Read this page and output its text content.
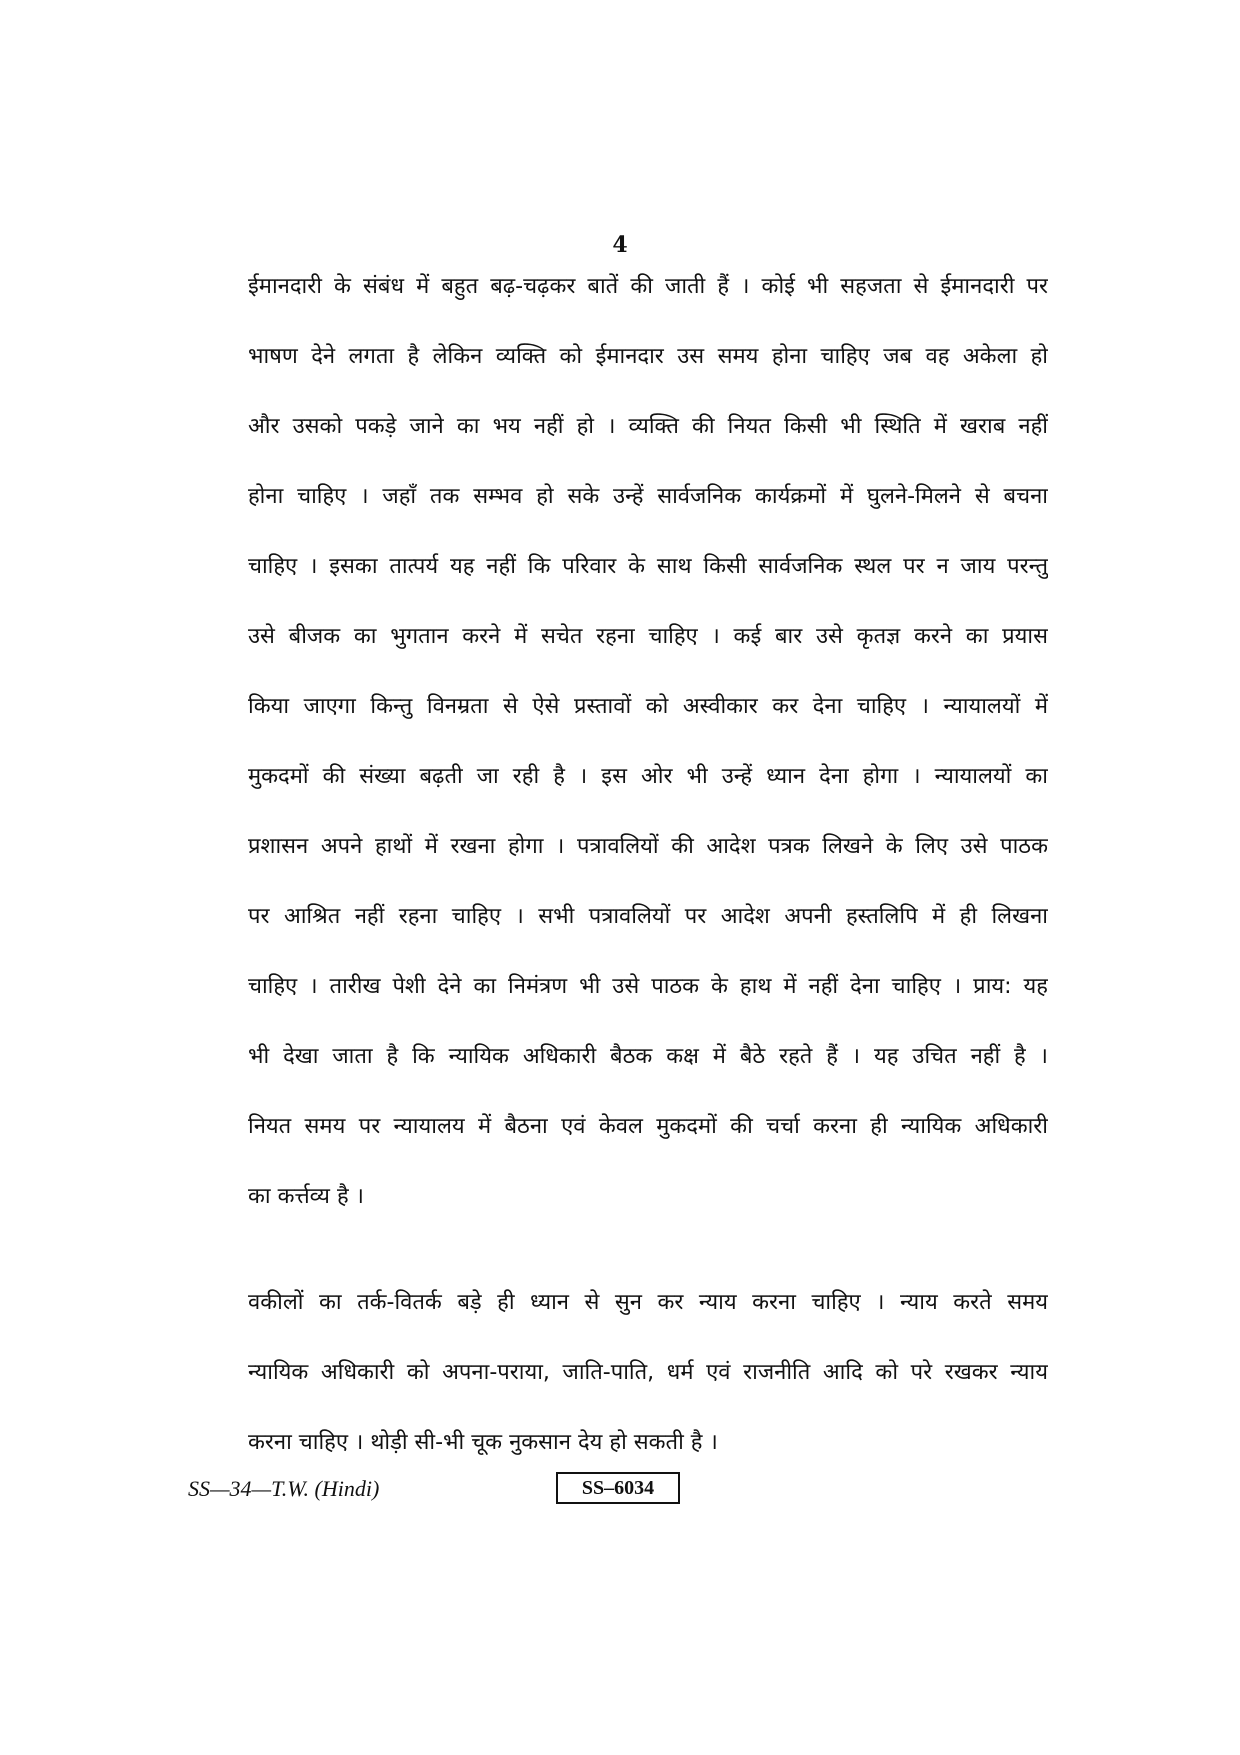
4
ईमानदारी के संबंध में बहुत बढ़-चढ़कर बातें की जाती हैं । कोई भी सहजता से ईमानदारी पर
भाषण देने लगता है लेकिन व्यक्ति को ईमानदार उस समय होना चाहिए जब वह अकेला हो
और उसको पकड़े जाने का भय नहीं हो । व्यक्ति की नियत किसी भी स्थिति में खराब नहीं
होना चाहिए । जहाँ तक सम्भव हो सके उन्हें सार्वजनिक कार्यक्रमों में घुलने-मिलने से बचना
चाहिए । इसका तात्पर्य यह नहीं कि परिवार के साथ किसी सार्वजनिक स्थल पर न जाय परन्तु
उसे बीजक का भुगतान करने में सचेत रहना चाहिए । कई बार उसे कृतज्ञ करने का प्रयास
किया जाएगा किन्तु विनम्रता से ऐसे प्रस्तावों को अस्वीकार कर देना चाहिए । न्यायालयों में
मुकदमों की संख्या बढ़ती जा रही है । इस ओर भी उन्हें ध्यान देना होगा । न्यायालयों का
प्रशासन अपने हाथों में रखना होगा । पत्रावलियों की आदेश पत्रक लिखने के लिए उसे पाठक
पर आश्रित नहीं रहना चाहिए । सभी पत्रावलियों पर आदेश अपनी हस्तलिपि में ही लिखना
चाहिए । तारीख पेशी देने का निमंत्रण भी उसे पाठक के हाथ में नहीं देना चाहिए । प्राय: यह
भी देखा जाता है कि न्यायिक अधिकारी बैठक कक्ष में बैठे रहते हैं । यह उचित नहीं है ।
नियत समय पर न्यायालय में बैठना एवं केवल मुकदमों की चर्चा करना ही न्यायिक अधिकारी
का कर्त्तव्य है ।
वकीलों का तर्क-वितर्क बड़े ही ध्यान से सुन कर न्याय करना चाहिए । न्याय करते समय
न्यायिक अधिकारी को अपना-पराया, जाति-पाति, धर्म एवं राजनीति आदि को परे रखकर न्याय
करना चाहिए । थोड़ी सी-भी चूक नुकसान देय हो सकती है ।
SS—34—T.W. (Hindi)	SS–6034
